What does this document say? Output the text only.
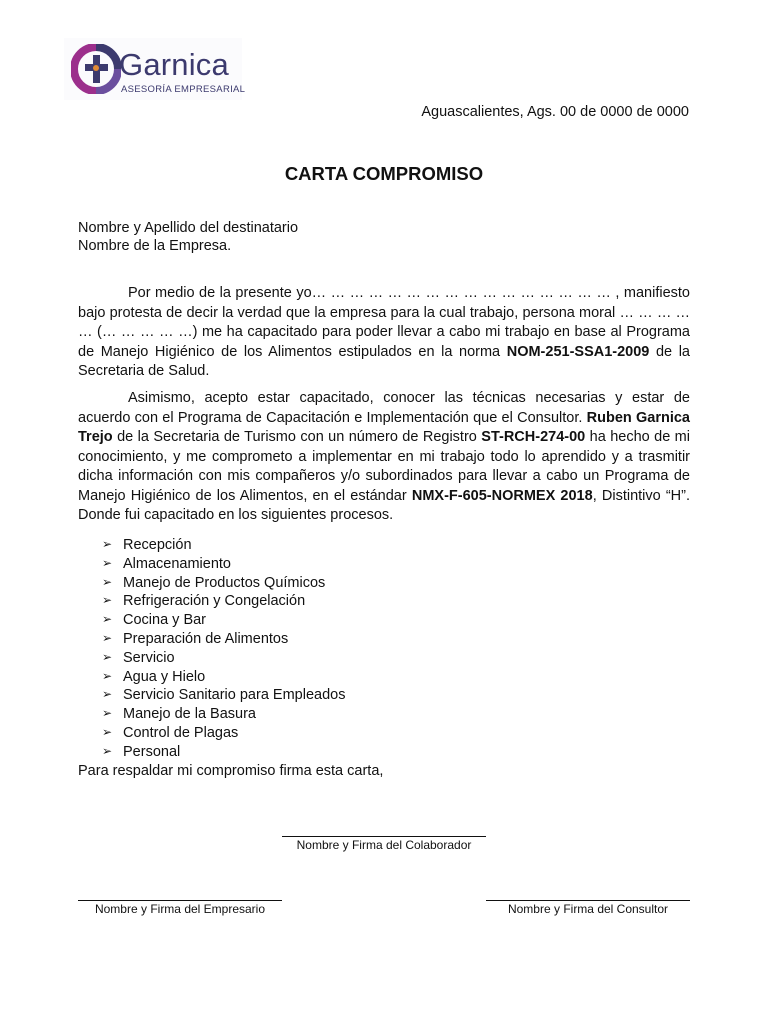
Garnica
ASESORÍA EMPRESARIAL
Aguascalientes, Ags. 00 de 0000 de 0000
CARTA COMPROMISO
Nombre y Apellido del destinatario
Nombre de la Empresa.

Por medio de la presente yo… … … … … … … … … … … … … … … … , manifiesto bajo protesta de decir la verdad que la empresa para la cual trabajo, persona moral … … … … … (… … … … …) me ha capacitado para poder llevar a cabo mi trabajo en base al Programa de Manejo Higiénico de los Alimentos estipulados en la norma NOM-251-SSA1-2009 de la Secretaria de Salud.

Asimismo, acepto estar capacitado, conocer las técnicas necesarias y estar de acuerdo con el Programa de Capacitación e Implementación que el Consultor. Ruben Garnica Trejo de la Secretaria de Turismo con un número de Registro ST-RCH-274-00 ha hecho de mi conocimiento, y me comprometo a implementar en mi trabajo todo lo aprendido y a trasmitir dicha información con mis compañeros y/o subordinados para llevar a cabo un Programa de Manejo Higiénico de los Alimentos, en el estándar NMX-F-605-NORMEX 2018, Distintivo “H”. Donde fui capacitado en los siguientes procesos.

➢ Recepción
➢ Almacenamiento
➢ Manejo de Productos Químicos
➢ Refrigeración y Congelación
➢ Cocina y Bar
➢ Preparación de Alimentos
➢ Servicio
➢ Agua y Hielo
➢ Servicio Sanitario para Empleados
➢ Manejo de la Basura
➢ Control de Plagas
➢ Personal
Para respaldar mi compromiso firma esta carta,
Nombre y Firma del Colaborador
Nombre y Firma del Empresario	Nombre y Firma del Consultor
